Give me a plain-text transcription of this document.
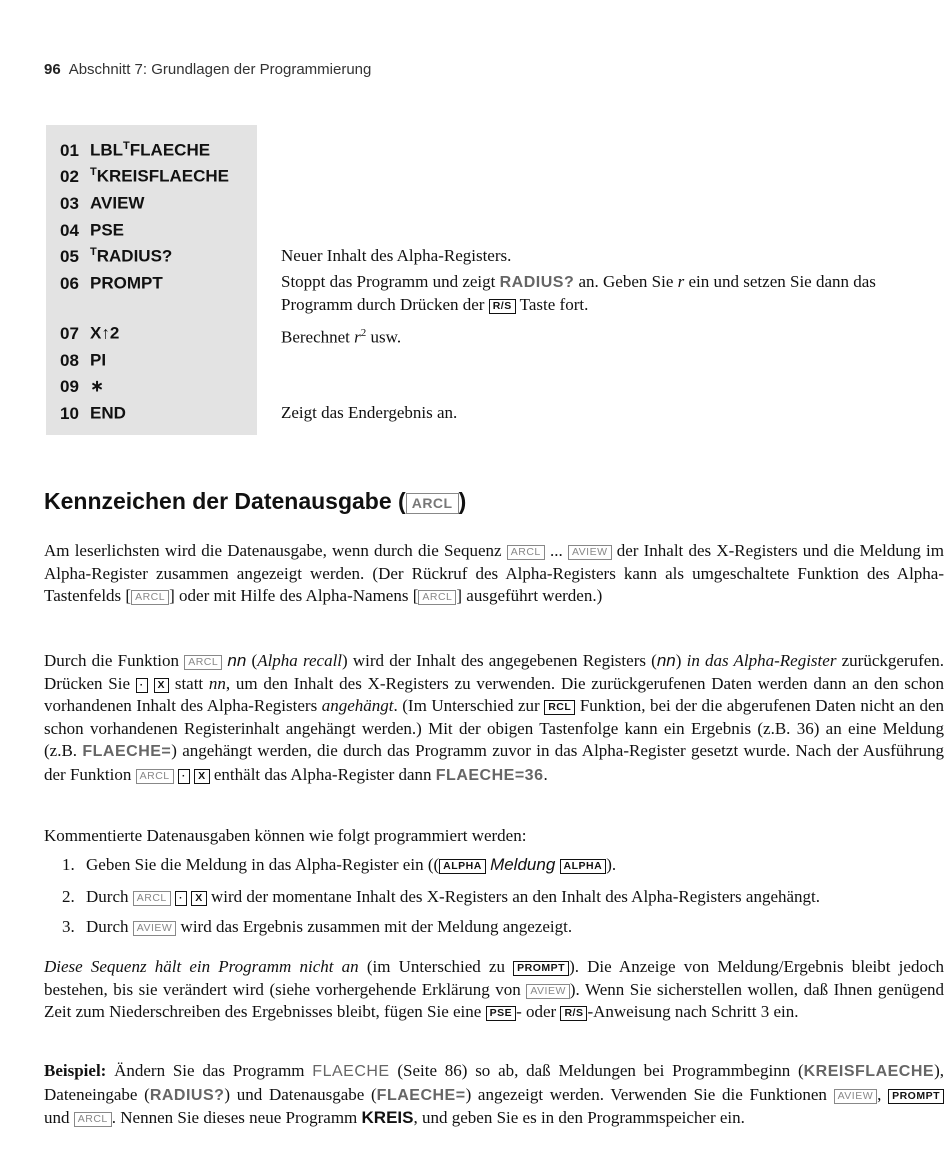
96 Abschnitt 7: Grundlagen der Programmierung
01 $LBL^TFLAECHE$
02 $^T$KREISFLAECHE
03 AVIEW
04 PSE
05 $^T$RADIUS?
06 PROMPT
07 X↑2
08 PI
09 ∗
10 END
Neuer Inhalt des Alpha-Registers.
Stoppt das Programm und zeigt RADIUS? an. Geben Sie r ein und setzen Sie dann das Programm durch Drücken der R/S Taste fort.
Berechnet $r^2$ usw.
Zeigt das Endergebnis an.
Kennzeichen der Datenausgabe ( ARCL )
Am leserlichsten wird die Datenausgabe, wenn durch die Sequenz ARCL ... AVIEW der Inhalt des X-Registers und die Meldung im Alpha-Register zusammen angezeigt werden. (Der Rückruf des Alpha-Registers kann als umgeschaltete Funktion des Alpha-Tastenfelds [ ARCL ] oder mit Hilfe des Alpha-Namens [ ARCL ] ausgeführt werden.)
Durch die Funktion ARCL nn (Alpha recall) wird der Inhalt des angegebenen Registers (nn) in das Alpha-Register zurückgerufen. Drücken Sie · X statt nn, um den Inhalt des X-Registers zu verwenden. Die zurückgerufenen Daten werden dann an den schon vorhandenen Inhalt des Alpha-Registers angehängt. (Im Unterschied zur RCL Funktion, bei der die abgerufenen Daten nicht an den schon vorhandenen Registerinhalt angehängt werden.) Mit der obigen Tastenfolge kann ein Ergebnis (z.B. 36) an eine Meldung (z.B. FLAECHE=) angehängt werden, die durch das Programm zuvor in das Alpha-Register gesetzt wurde. Nach der Ausführung der Funktion ARCL · X enthält das Alpha-Register dann FLAECHE=36.
Kommentierte Datenausgaben können wie folgt programmiert werden:
1. Geben Sie die Meldung in das Alpha-Register ein (( ALPHA Meldung ALPHA ).
2. Durch ARCL · X wird der momentane Inhalt des X-Registers an den Inhalt des Alpha-Registers angehängt.
3. Durch AVIEW wird das Ergebnis zusammen mit der Meldung angezeigt.
Diese Sequenz hält ein Programm nicht an (im Unterschied zu PROMPT ). Die Anzeige von Meldung/Ergebnis bleibt jedoch bestehen, bis sie verändert wird (siehe vorhergehende Erklärung von AVIEW ). Wenn Sie sicherstellen wollen, daß Ihnen genügend Zeit zum Niederschreiben des Ergebnisses bleibt, fügen Sie eine PSE - oder R/S -Anweisung nach Schritt 3 ein.
Beispiel: Ändern Sie das Programm FLAECHE (Seite 86) so ab, daß Meldungen bei Programmbeginn (KREISFLAECHE), Dateneingabe (RADIUS?) und Datenausgabe (FLAECHE=) angezeigt werden. Verwenden Sie die Funktionen AVIEW , PROMPT und ARCL . Nennen Sie dieses neue Programm KREIS, und geben Sie es in den Programmspeicher ein.
